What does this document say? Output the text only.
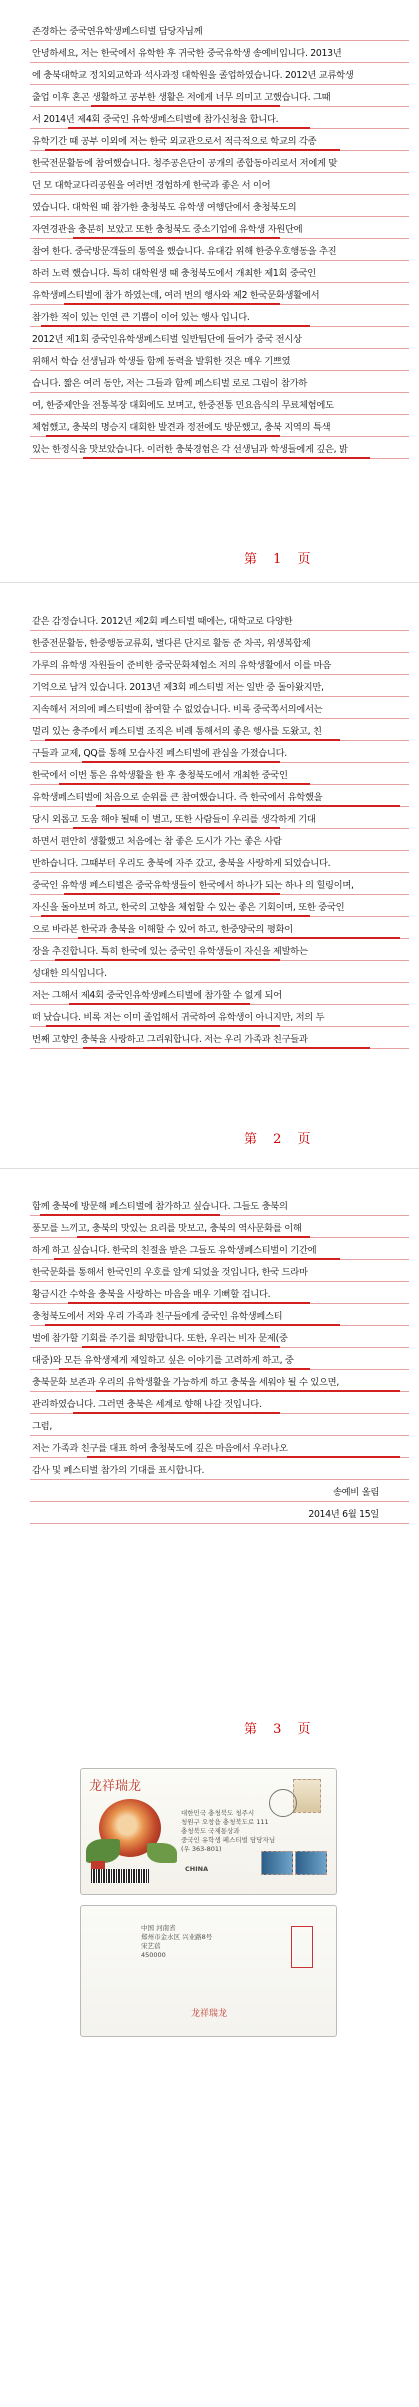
존경하는 중국연유학생페스티벌 담당자님께
안녕하세요, 저는 한국에서 유학한 후 귀국한 중국유학생 송예비입니다. 2013년
에 충북대학교 정치외교학과 석사과정 대학원을 졸업하였습니다. 2012년 교류학생
출업 이후 혼곤 생활하고 공부한 생활은 저에게 너무 의미고 고했습니다. 그때
서 2014년 제4회 중국인 유학생페스티벌에 참가신청을 합니다.
유학기간 때 공부 이외에 저는 한국 외교관으로서 적극적으로 학교의 각종
한국전문활동에 참여했습니다. 청주공은단이 공개의 종합동아리로서 저에게 맞
던 모 대학교다리공원을 여러번 경험하게 한국과 좋은 서 이어
였습니다. 대학원 때 참가한 충청북도 유학생 여행단에서 충청북도의
자연경관을 충분히 보았고 또한 충청북도 중소기업에 유학생 자원단에
참여 한다. 중국방문객들의 통역을 했습니다. 유대감 위해 한중우호행동을 추진
하러 노력 했습니다. 특히 대학원생 때 충청북도에서 개최한 제1회 중국인
유학생페스티벌에 참가 하였는데, 여러 번의 행사와 제2 한국문화생활에서
참가한 적이 있는 인연 큰 기쁨이 이어 있는 행사 입니다.
2012년 제1회 중국인유학생페스티벌 일반팀단에 들어가 중국 전시상
위해서 학습 선생님과 학생들 함께 동력을 발휘한 것은 매우 기쁘였
습니다. 짧은 여러 동안, 저는 그들과 함께 페스티벌 로로 그림이 참가하
여, 한중제안을 전통복장 대회에도 보며고, 한중전통 민요음식의 무료체험에도
체험했고, 충북의 명승지 대회한 발견과 정전에도 방문했고, 충북 지역의 특색
있는 한정식을 맛보았습니다. 이러한 충북경험은 각 선생님과 학생들에게 깊은, 밝
第 1 页
같은 감정습니다. 2012년 제2회 페스티벌 때에는, 대학교로 다양한
한중전문활동, 한중행동교류회, 별다른 단지로 활동 준 차곡, 위생복합제
가루의 유학생 자원들이 준비한 중국문화체험소 저의 유학생활에서 이를 마음
기억으로 남겨 있습니다. 2013년 제3회 페스티벌 저는 일반 중 돌아왔지만,
지속해서 저의에 페스티벌에 참여할 수 없었습니다. 비록 중국쪽서의에서는
멀리 있는 충주에서 페스티벌 조직은 비례 통해서의 좋은 행사를 도왔고, 친
구들과 교제, QQ를 통해 모습사진 페스티벌에 관심을 가졌습니다.
한국에서 이번 통은 유학생활을 한 후 충청북도에서 개최한 중국인
유학생페스티벌에 처음으로 순위를 큰 참여했습니다. 즉 한국에서 유학했을
당시 외롭고 도움 해야 될때 이 별고, 또한 사람들이 우리를 생각하게 기대
하면서 편안히 생활했고 처음에는 참 좋은 도시가 가는 좋은 사람
반하습니다. 그때부터 우리도 충북에 자주 갔고, 충북을 사랑하게 되었습니다.
중국인 유학생 페스티벌은 중국유학생들이 한국에서 하나가 되는 하나 의 힐링이며,
자신을 돌아보며 하고, 한국의 고향을 체험할 수 있는 좋은 기회이며, 또한 중국인
으로 바라본 한국과 충북을 이해할 수 있어 하고, 한중양국의 평화이
장을 추진합니다. 특히 한국에 있는 중국인 유학생들이 자신을 제발하는
성대한 의식입니다.
저는 그해서 제4회 중국인유학생페스티벌에 참가할 수 없게 되어
떠 났습니다. 비록 저는 이미 졸업해서 귀국하여 유학생이 아니지만, 저의 두
번째 고향인 충북을 사랑하고 그리워합니다. 저는 우리 가족과 친구들과
第 2 页
함께 충북에 방문해 페스티벌에 참가하고 싶습니다. 그들도 충북의
풍모를 느끼고, 충북의 맛있는 요리를 맛보고, 충북의 역사문화를 이해
하게 하고 싶습니다. 한국의 친절을 받은 그들도 유학생페스티벌이 기간에
한국문화를 통해서 한국인의 우호를 알게 되었을 것입니다, 한국 드라마
황금시간 수학을 충북을 사랑하는 마음을 매우 기뻐할 겁니다.
충청북도에서 저와 우리 가족과 친구들에게 중국인 유학생페스티
벌에 참가할 기회를 주기를 희망합니다. 또한, 우리는 비자 문제(중
대중)와 모든 유학생제게 제일하고 싶은 이야기를 고려하게 하고, 중
충북문화 보존과 우리의 유학생활을 가능하게 하고 충북을 세워야 될 수 있으면,
관리하였습니다. 그러면 충북은 세계로 향해 나갈 것입니다.
그럼,
저는 가족과 친구를 대표 하여 충청북도에 깊은 마음에서 우러나오
감사 및 페스티벌 참가의 기대를 표시합니다.
송예비 올림
2014년 6월 15일
第 3 页
龙祥瑞龙
대한민국 충청북도 청주시
청원구 오창읍 충청북도로 111
충청북도 국제통상과
중국인 유학생 페스티벌 담당자님
(우 363-801)
CHINA
中国 河南省
郑州市金水区 兴业路8号
宋艺蓓
450000
龙祥瑞龙
